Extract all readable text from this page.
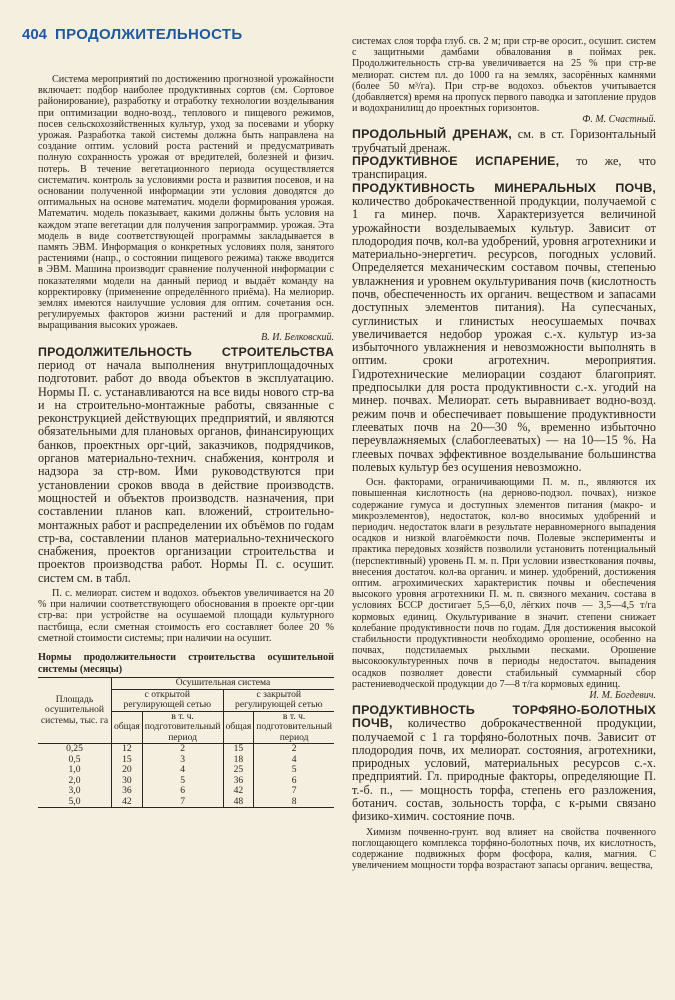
404 ПРОДОЛЖИТЕЛЬНОСТЬ

Система мероприятий по достижению прогнозной урожайности включает: подбор наиболее продуктивных сортов (см. Сортовое районирование), разработку и отработку технологии возделывания при оптимизации водно-возд., теплового и пищевого режимов, посев сельскохозяйственных культур, уход за посевами и уборку урожая. Разработка такой системы должна быть направлена на создание оптим. условий роста растений и предусматривать полную сохранность урожая от вредителей, болезней и физич. потерь. В течение вегетационного периода осуществляется систематич. контроль за условиями роста и развития посевов, и на основании полученной информации эти условия доводятся до оптимальных на основе математич. модели формирования урожая. Математич. модель показывает, какими должны быть условия на каждом этапе вегетации для получения запрограммир. урожая. Эта модель в виде соответствующей программы закладывается в память ЭВМ. Информация о конкретных условиях поля, занятого растениями (напр., о состоянии пищевого режима) также вводится в ЭВМ. Машина производит сравнение полученной информации с показателями модели на данный период и выдаёт команду на корректировку (применение определённого приёма). На мелиорир. землях имеются наилучшие условия для оптим. сочетания осн. регулируемых факторов жизни растений и для программир. выращивания высоких урожаев.

В. И. Белковский.

ПРОДОЛЖИТЕЛЬНОСТЬ СТРОИТЕЛЬСТВА период от начала выполнения внутриплощадочных подготовит. работ до ввода объектов в эксплуатацию. Нормы П. с. устанавливаются на все виды нового стр-ва и на строительно-монтажные работы, связанные с реконструкцией действующих предприятий, и являются обязательными для плановых органов, финансирующих банков, проектных орг-ций, заказчиков, подрядчиков, органов материально-технич. снабжения, контроля и надзора за стр-вом. Ими руководствуются при установлении сроков ввода в действие производств. мощностей и объектов производств. назначения, при составлении планов кап. вложений, строительно-монтажных работ и распределении их объёмов по годам стр-ва, составлении планов материально-технического снабжения, проектов организации строительства и проектов производства работ. Нормы П. с. осушит. систем см. в табл.

П. с. мелиорат. систем и водохоз. объектов увеличивается на 20 % при наличии соответствующего обоснования в проекте орг-ции стр-ва: при устройстве на осушаемой площади культурного пастбища, если сметная стоимость его составляет более 20 % сметной стоимости системы; при наличии на осушит.

Нормы продолжительности строительства осушительной системы (месяцы)

Площадь осушительной системы, тыс. га	Осушительная система			
	с открытой регулирующей сетью		с закрытой регулирующей сетью	
	общая	в т. ч. подготовительный период	общая	в т. ч. подготовительный период
0,25	12	2	15	2
0,5	15	3	18	4
1,0	20	4	25	5
2,0	30	5	36	6
3,0	36	6	42	7
5,0	42	7	48	8

системах слоя торфа глуб. св. 2 м; при стр-ве оросит., осушит. систем с защитными дамбами обвалования в поймах рек. Продолжительность стр-ва увеличивается на 25 % при стр-ве мелиорат. систем пл. до 1000 га на землях, засорённых камнями (более 50 м³/га). При стр-ве водохоз. объектов учитывается (добавляется) время на пропуск первого паводка и затопление прудов и водохранилищ до проектных горизонтов.

Ф. М. Счастный.

ПРОДОЛЬНЫЙ ДРЕНАЖ, см. в ст. Горизонтальный трубчатый дренаж.

ПРОДУКТИВНОЕ ИСПАРЕНИЕ, то же, что транспирация.

ПРОДУКТИВНОСТЬ МИНЕРАЛЬНЫХ ПОЧВ, количество доброкачественной продукции, получаемой с 1 га минер. почв. Характеризуется величиной урожайности возделываемых культур. Зависит от плодородия почв, кол-ва удобрений, уровня агротехники и материально-энергетич. ресурсов, погодных условий. Определяется механическим составом почвы, степенью увлажнения и уровнем окультуривания почв (кислотность почв, обеспеченность их органич. веществом и запасами доступных элементов питания). На супесчаных, суглинистых и глинистых неосушаемых почвах увеличивается недобор урожая с.-х. культур из-за избыточного увлажнения и невозможности выполнять в оптим. сроки агротехнич. мероприятия. Гидротехнические мелиорации создают благоприят. предпосылки для роста продуктивности с.-х. угодий на минер. почвах. Мелиорат. сеть выравнивает водно-возд. режим почв и обеспечивает повышение продуктивности глееватых почв на 20—30 %, временно избыточно переувлажняемых (слабоглееватых) — на 10—15 %. На глеевых почвах эффективное возделывание большинства полевых культур без осушения невозможно.

Осн. факторами, ограничивающими П. м. п., являются их повышенная кислотность (на дерново-подзол. почвах), низкое содержание гумуса и доступных элементов питания (макро- и микроэлементов), недостаток, кол-во вносимых удобрений и периодич. недостаток влаги в результате неравномерного выпадения осадков и низкой влагоёмкости почв. Полевые эксперименты и практика передовых хозяйств позволили установить потенциальный (перспективный) уровень П. м. п. При условии известкования почвы, внесения достаточ. кол-ва органич. и минер. удобрений, достижения оптим. агрохимических характеристик почвы и обеспечения высокого уровня агротехники П. м. п. связного механич. состава в условиях БССР достигает 5,5—6,0, лёгких почв — 3,5—4,5 т/га кормовых единиц. Окультуривание в значит. степени снижает колебание продуктивности почв по годам. Для достижения высокой стабильности продуктивности необходимо орошение, особенно на почвах, подстилаемых рыхлыми песками. Орошение высокоокультуренных почв в периоды недостаточ. выпадения осадков позволяет довести стабильный суммарный сбор растениеводческой продукции до 7—8 т/га кормовых единиц.

И. М. Богдевич.

ПРОДУКТИВНОСТЬ ТОРФЯНО-БОЛОТНЫХ ПОЧВ, количество доброкачественной продукции, получаемой с 1 га торфяно-болотных почв. Зависит от плодородия почв, их мелиорат. состояния, агротехники, природных условий, материальных ресурсов с.-х. предприятий. Гл. природные факторы, определяющие П. т.-б. п., — мощность торфа, степень его разложения, ботанич. состав, зольность торфа, с к-рыми связано физико-химич. состояние почв.

Химизм почвенно-грунт. вод влияет на свойства почвенного поглощающего комплекса торфяно-болотных почв, их кислотность, содержание подвижных форм фосфора, калия, магния. С увеличением мощности торфа возрастают запасы органич. вещества,
